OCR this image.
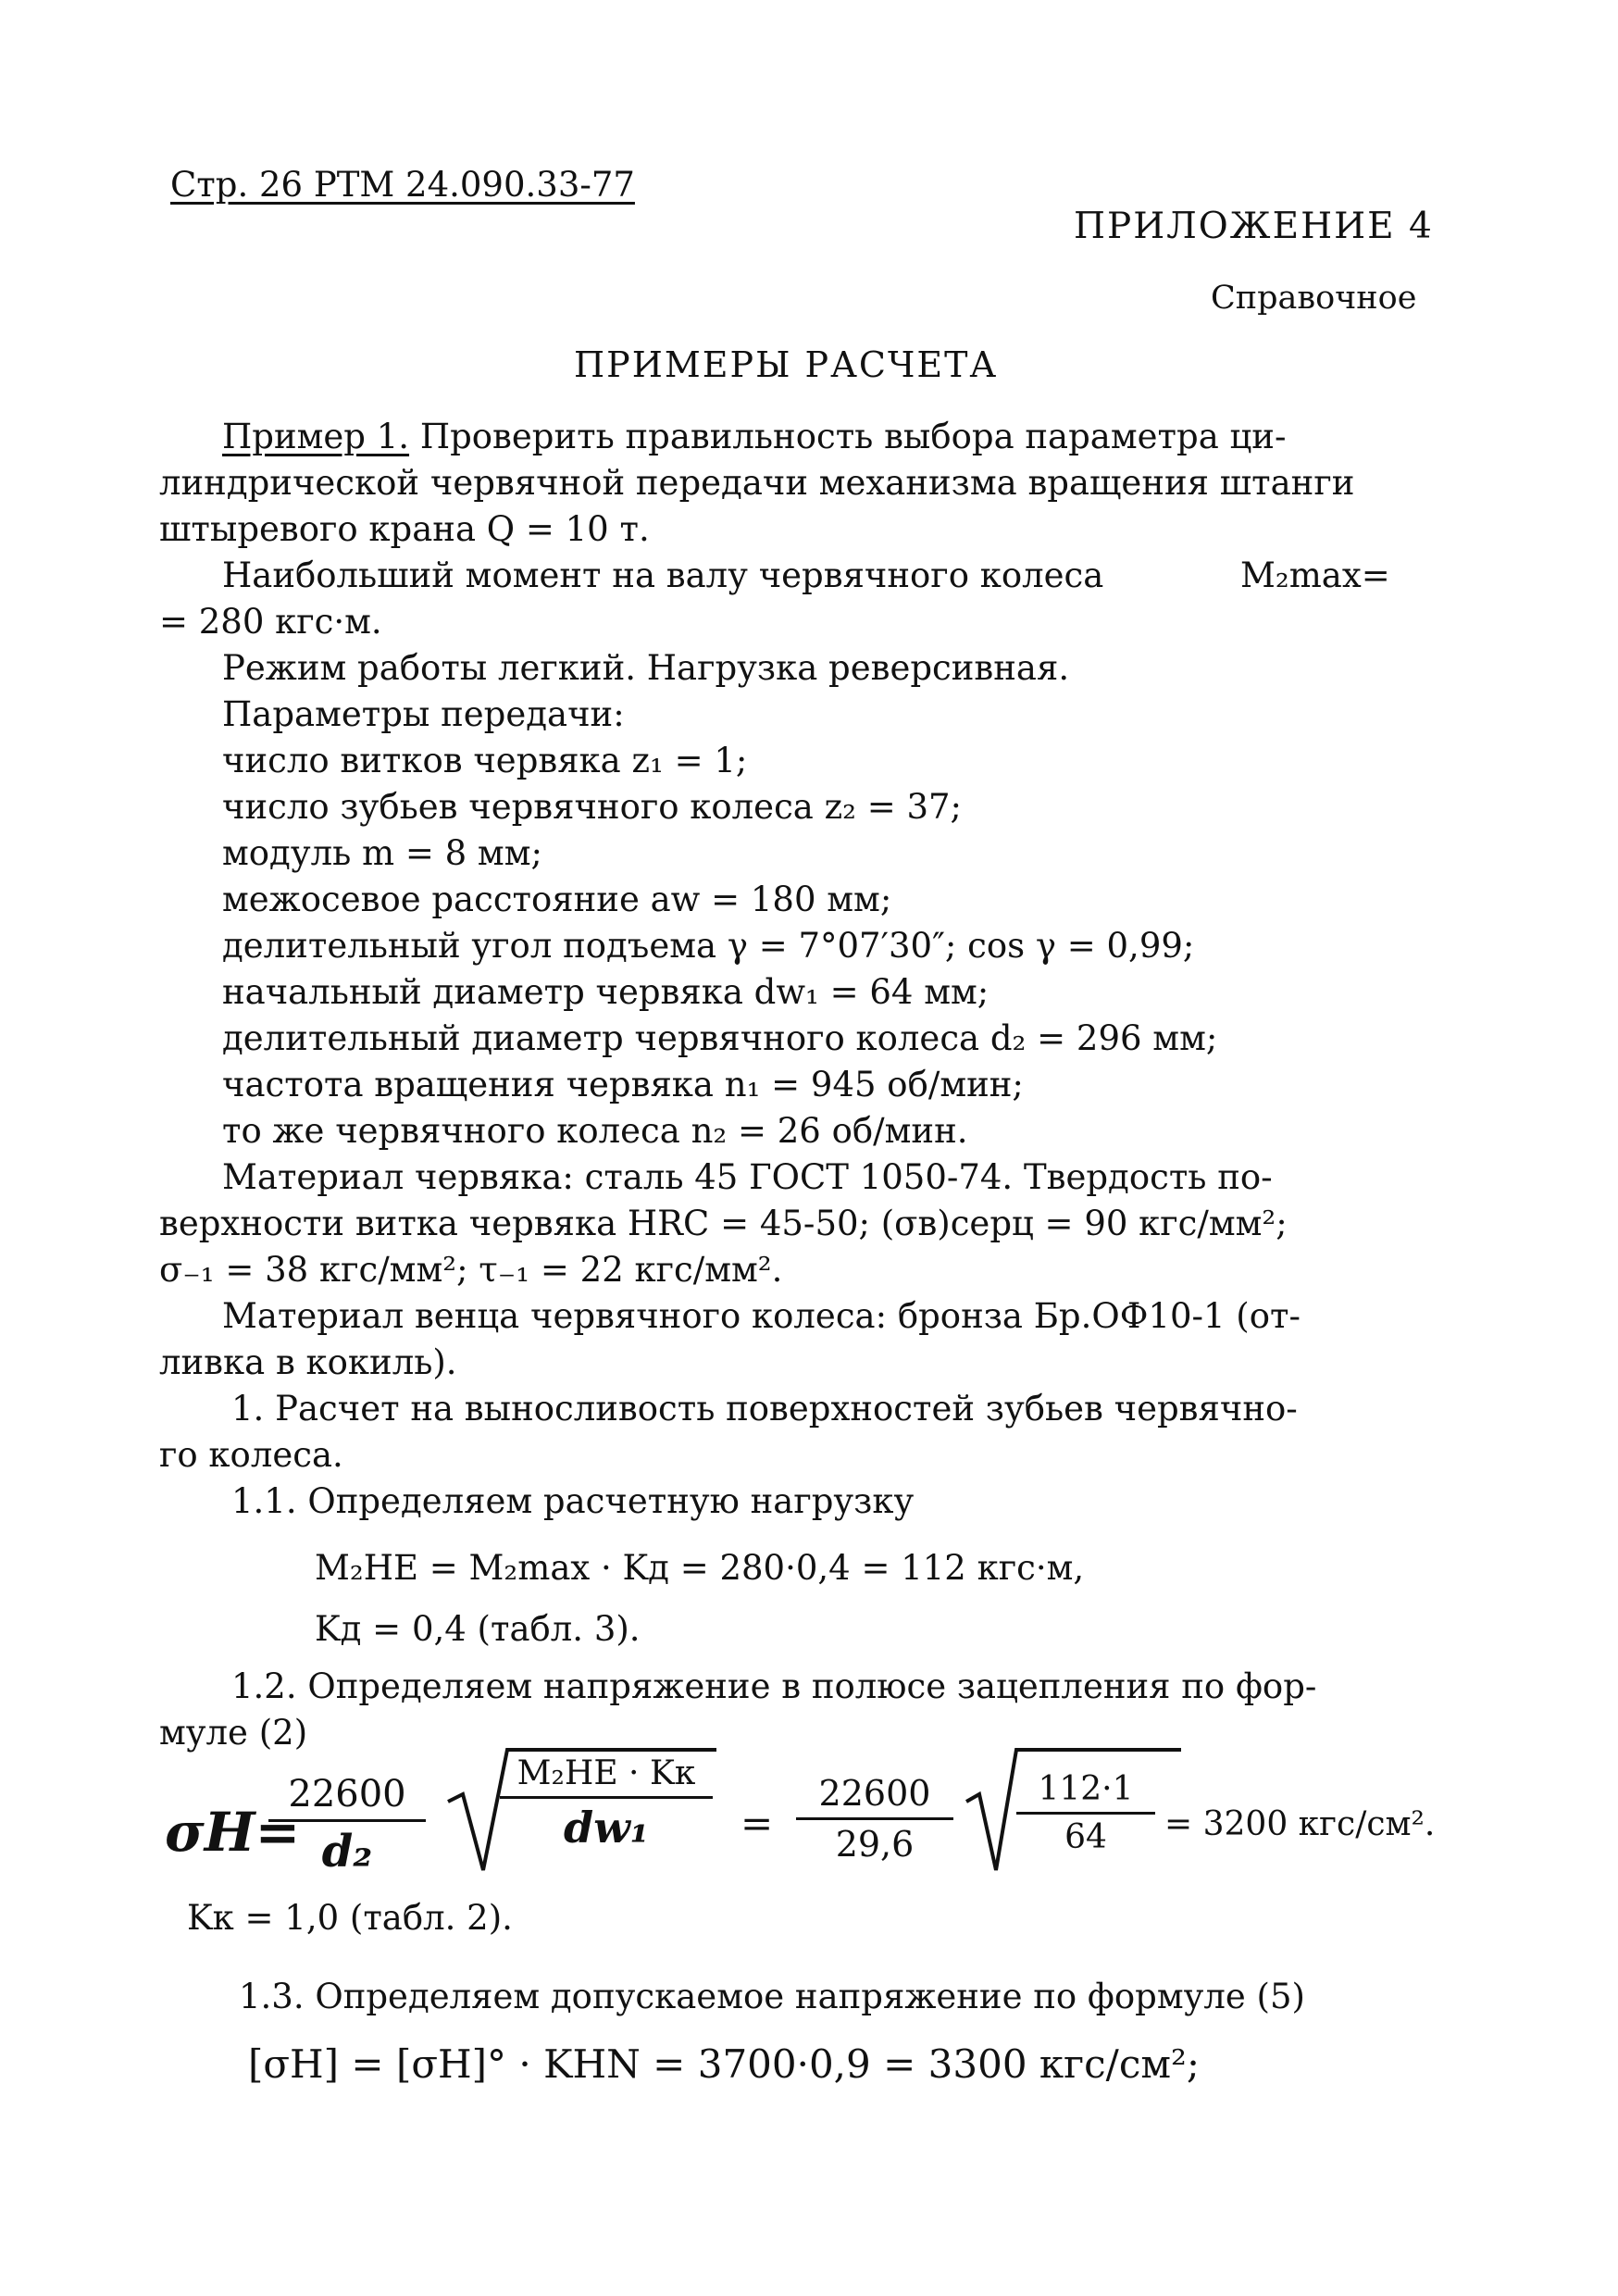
Стр. 26 РТМ 24.090.33-77
ПРИЛОЖЕНИЕ 4
Справочное
ПРИМЕРЫ РАСЧЕТА
Пример 1. Проверить правильность выбора параметра ци-
линдрической червячной передачи механизма вращения штанги
штыревого крана Q = 10 т.
Наибольший момент на валу червячного колеса	M₂max=
= 280 кгс·м.
Режим работы легкий. Нагрузка реверсивная.
Параметры передачи:
число витков червяка z₁ = 1;
число зубьев червячного колеса z₂ = 37;
модуль m = 8 мм;
межосевое расстояние aw = 180 мм;
делительный угол подъема γ = 7°07′30″; cos γ = 0,99;
начальный диаметр червяка dw₁ = 64 мм;
делительный диаметр червячного колеса d₂ = 296 мм;
частота вращения червяка n₁ = 945 об/мин;
то же червячного колеса n₂ = 26 об/мин.
Материал червяка: сталь 45 ГОСТ 1050-74. Твердость по-
верхности витка червяка HRC = 45-50; (σв)серц = 90 кгс/мм²;
σ₋₁ = 38 кгс/мм²; τ₋₁ = 22 кгс/мм².
Материал венца червячного колеса: бронза Бр.ОФ10-1 (от-
ливка в кокиль).
1. Расчет на выносливость поверхностей зубьев червячно-
го колеса.
1.1. Определяем расчетную нагрузку
M₂HE = M₂max · Kд = 280·0,4 = 112 кгс·м,
Kд = 0,4 (табл. 3).
1.2. Определяем напряжение в полюсе зацепления по фор-
муле (2)
σH=
22600
d₂
M₂HE · Kк
dw₁	=
22600
29,6
112·1
64	= 3200 кгс/см².
Kк = 1,0 (табл. 2).
1.3. Определяем допускаемое напряжение по формуле (5)
[σH] = [σH]° · KHN = 3700·0,9 = 3300 кгс/см²;
